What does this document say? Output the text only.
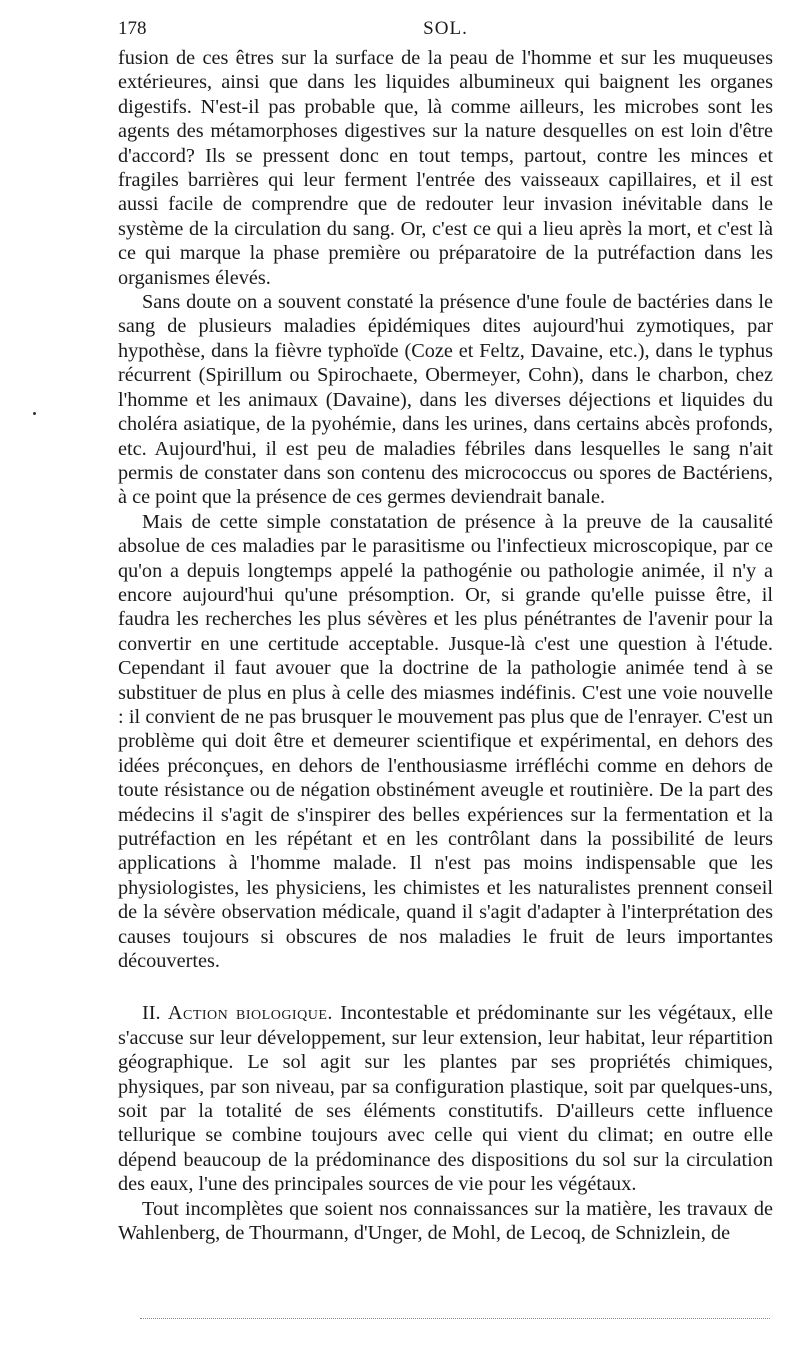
178	SOL.

fusion de ces êtres sur la surface de la peau de l'homme et sur les muqueuses extérieures, ainsi que dans les liquides albumineux qui baignent les organes digestifs. N'est-il pas probable que, là comme ailleurs, les microbes sont les agents des métamorphoses digestives sur la nature desquelles on est loin d'être d'accord? Ils se pressent donc en tout temps, partout, contre les minces et fragiles barrières qui leur ferment l'entrée des vaisseaux capillaires, et il est aussi facile de comprendre que de redouter leur invasion inévitable dans le système de la circulation du sang. Or, c'est ce qui a lieu après la mort, et c'est là ce qui marque la phase première ou préparatoire de la putréfaction dans les organismes élevés.

Sans doute on a souvent constaté la présence d'une foule de bactéries dans le sang de plusieurs maladies épidémiques dites aujourd'hui zymotiques, par hypothèse, dans la fièvre typhoïde (Coze et Feltz, Davaine, etc.), dans le typhus récurrent (Spirillum ou Spirochaete, Obermeyer, Cohn), dans le charbon, chez l'homme et les animaux (Davaine), dans les diverses déjections et liquides du choléra asiatique, de la pyohémie, dans les urines, dans certains abcès profonds, etc. Aujourd'hui, il est peu de maladies fébriles dans lesquelles le sang n'ait permis de constater dans son contenu des micrococcus ou spores de Bactériens, à ce point que la présence de ces germes deviendrait banale.

Mais de cette simple constatation de présence à la preuve de la causalité absolue de ces maladies par le parasitisme ou l'infectieux microscopique, par ce qu'on a depuis longtemps appelé la pathogénie ou pathologie animée, il n'y a encore aujourd'hui qu'une présomption. Or, si grande qu'elle puisse être, il faudra les recherches les plus sévères et les plus pénétrantes de l'avenir pour la convertir en une certitude acceptable. Jusque-là c'est une question à l'étude. Cependant il faut avouer que la doctrine de la pathologie animée tend à se substituer de plus en plus à celle des miasmes indéfinis. C'est une voie nouvelle : il convient de ne pas brusquer le mouvement pas plus que de l'enrayer. C'est un problème qui doit être et demeurer scientifique et expérimental, en dehors des idées préconçues, en dehors de l'enthousiasme irréfléchi comme en dehors de toute résistance ou de négation obstinément aveugle et routinière. De la part des médecins il s'agit de s'inspirer des belles expériences sur la fermentation et la putréfaction en les répétant et en les contrôlant dans la possibilité de leurs applications à l'homme malade. Il n'est pas moins indispensable que les physiologistes, les physiciens, les chimistes et les naturalistes prennent conseil de la sévère observation médicale, quand il s'agit d'adapter à l'interprétation des causes toujours si obscures de nos maladies le fruit de leurs importantes découvertes.

II. Action biologique. Incontestable et prédominante sur les végétaux, elle s'accuse sur leur développement, sur leur extension, leur habitat, leur répartition géographique. Le sol agit sur les plantes par ses propriétés chimiques, physiques, par son niveau, par sa configuration plastique, soit par quelques-uns, soit par la totalité de ses éléments constitutifs. D'ailleurs cette influence tellurique se combine toujours avec celle qui vient du climat; en outre elle dépend beaucoup de la prédominance des dispositions du sol sur la circulation des eaux, l'une des principales sources de vie pour les végétaux.

Tout incomplètes que soient nos connaissances sur la matière, les travaux de Wahlenberg, de Thourmann, d'Unger, de Mohl, de Lecoq, de Schnizlein, de
